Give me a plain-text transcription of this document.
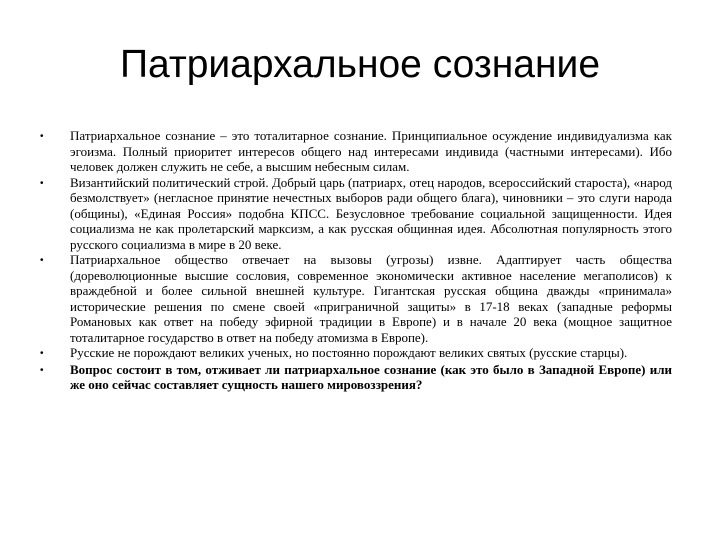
Патриархальное сознание
•	Патриархальное сознание – это тоталитарное сознание. Принципиальное осуждение индивидуализма как эгоизма. Полный приоритет интересов общего над интересами индивида (частными интересами). Ибо человек должен служить не себе, а высшим небесным силам.

•	Византийский политический строй. Добрый царь (патриарх, отец народов, всероссийский староста), «народ безмолствует» (негласное принятие нечестных выборов ради общего блага), чиновники – это слуги народа (общины), «Единая Россия» подобна КПСС. Безусловное требование социальной защищенности. Идея социализма не как пролетарский марксизм, а как русская общинная идея. Абсолютная популярность этого русского социализма в мире в 20 веке.

•	Патриархальное общество отвечает на вызовы (угрозы) извне. Адаптирует часть общества (дореволюционные высшие сословия, современное экономически активное население мегаполисов) к враждебной и более сильной внешней культуре. Гигантская русская община дважды «принимала» исторические решения по смене своей «приграничной защиты» в 17-18 веках (западные реформы Романовых как ответ на победу эфирной традиции в Европе) и в начале 20 века (мощное защитное тоталитарное государство в ответ на победу атомизма в Европе).

•	Русские не порождают великих ученых, но постоянно порождают великих святых (русские старцы).

•	Вопрос состоит в том, отживает ли патриархальное сознание (как это было в Западной Европе) или же оно сейчас составляет сущность нашего мировоззрения?
